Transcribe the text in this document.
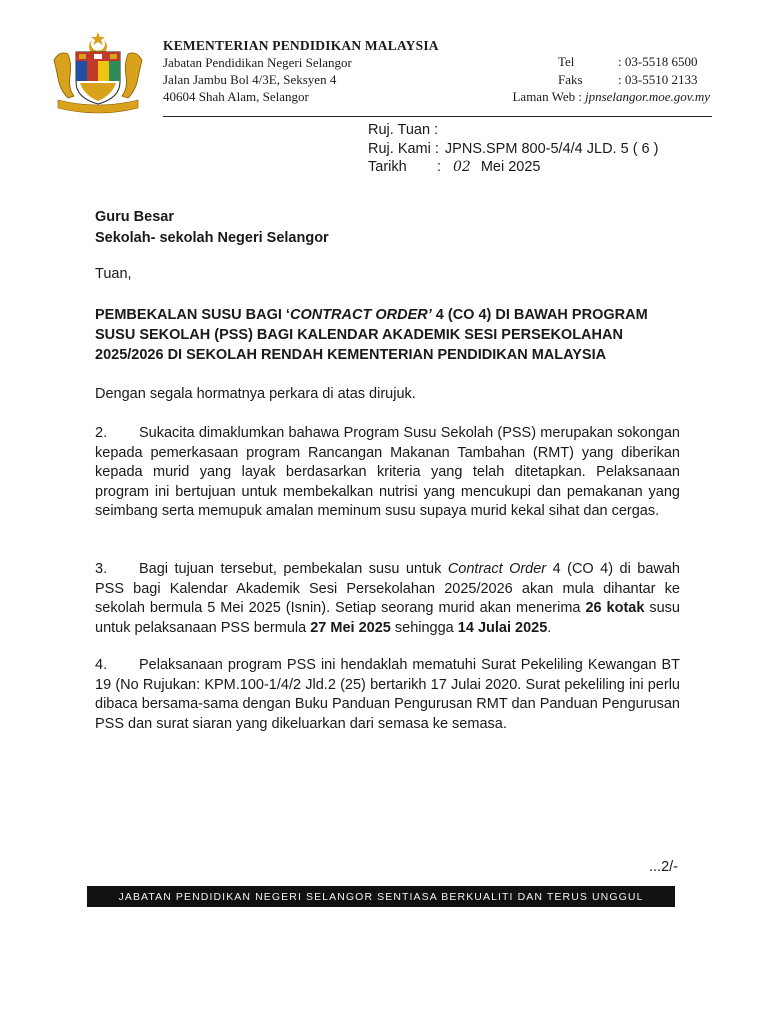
KEMENTERIAN PENDIDIKAN MALAYSIA
Jabatan Pendidikan Negeri Selangor
Jalan Jambu Bol 4/3E, Seksyen 4
40604 Shah Alam, Selangor
Tel	: 03-5518 6500
Faks	: 03-5510 2133
Laman Web : jpnselangor.moe.gov.my
Ruj. Tuan :
Ruj. Kami : JPNS.SPM 800-5/4/4 JLD. 5 ( 6 )
Tarikh	: 02 Mei 2025
Guru Besar
Sekolah- sekolah Negeri Selangor
Tuan,
PEMBEKALAN SUSU BAGI ‘CONTRACT ORDER’ 4 (CO 4) DI BAWAH PROGRAM SUSU SEKOLAH (PSS) BAGI KALENDAR AKADEMIK SESI PERSEKOLAHAN 2025/2026 DI SEKOLAH RENDAH KEMENTERIAN PENDIDIKAN MALAYSIA
Dengan segala hormatnya perkara di atas dirujuk.
2. Sukacita dimaklumkan bahawa Program Susu Sekolah (PSS) merupakan sokongan kepada pemerkasaan program Rancangan Makanan Tambahan (RMT) yang diberikan kepada murid yang layak berdasarkan kriteria yang telah ditetapkan. Pelaksanaan program ini bertujuan untuk membekalkan nutrisi yang mencukupi dan pemakanan yang seimbang serta memupuk amalan meminum susu supaya murid kekal sihat dan cergas.
3. Bagi tujuan tersebut, pembekalan susu untuk Contract Order 4 (CO 4) di bawah PSS bagi Kalendar Akademik Sesi Persekolahan 2025/2026 akan mula dihantar ke sekolah bermula 5 Mei 2025 (Isnin). Setiap seorang murid akan menerima 26 kotak susu untuk pelaksanaan PSS bermula 27 Mei 2025 sehingga 14 Julai 2025.
4. Pelaksanaan program PSS ini hendaklah mematuhi Surat Pekeliling Kewangan BT 19 (No Rujukan: KPM.100-1/4/2 Jld.2 (25) bertarikh 17 Julai 2020. Surat pekeliling ini perlu dibaca bersama-sama dengan Buku Panduan Pengurusan RMT dan Panduan Pengurusan PSS dan surat siaran yang dikeluarkan dari semasa ke semasa.
...2/-
JABATAN PENDIDIKAN NEGERI SELANGOR SENTIASA BERKUALITI DAN TERUS UNGGUL
